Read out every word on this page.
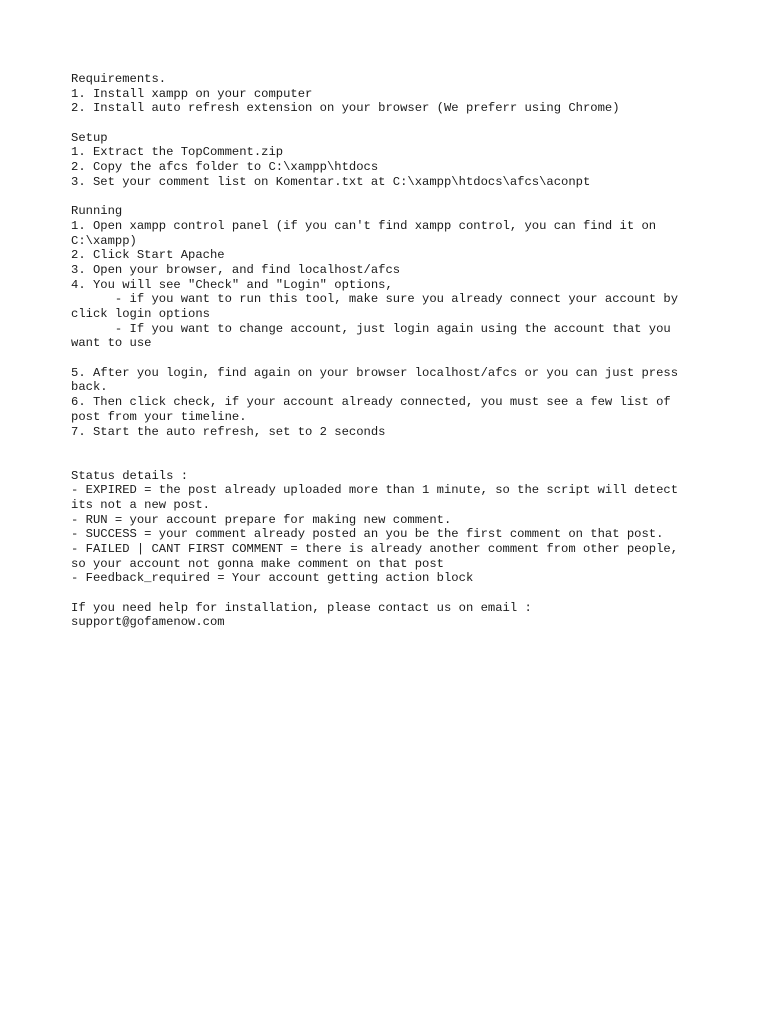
Requirements.
1. Install xampp on your computer
2. Install auto refresh extension on your browser (We preferr using Chrome)
Setup
1. Extract the TopComment.zip
2. Copy the afcs folder to C:\xampp\htdocs
3. Set your comment list on Komentar.txt at C:\xampp\htdocs\afcs\aconpt
Running
1. Open xampp control panel (if you can't find xampp control, you can find it on
C:\xampp)
2. Click Start Apache
3. Open your browser, and find localhost/afcs
4. You will see "Check" and "Login" options,
- if you want to run this tool, make sure you already connect your account by
click login options
- If you want to change account, just login again using the account that you
want to use
5. After you login, find again on your browser localhost/afcs or you can just press
back.
6. Then click check, if your account already connected, you must see a few list of
post from your timeline.
7. Start the auto refresh, set to 2 seconds
Status details :
- EXPIRED = the post already uploaded more than 1 minute, so the script will detect
its not a new post.
- RUN = your account prepare for making new comment.
- SUCCESS = your comment already posted an you be the first comment on that post.
- FAILED | CANT FIRST COMMENT = there is already another comment from other people,
so your account not gonna make comment on that post
- Feedback_required = Your account getting action block
If you need help for installation, please contact us on email :
support@gofamenow.com
